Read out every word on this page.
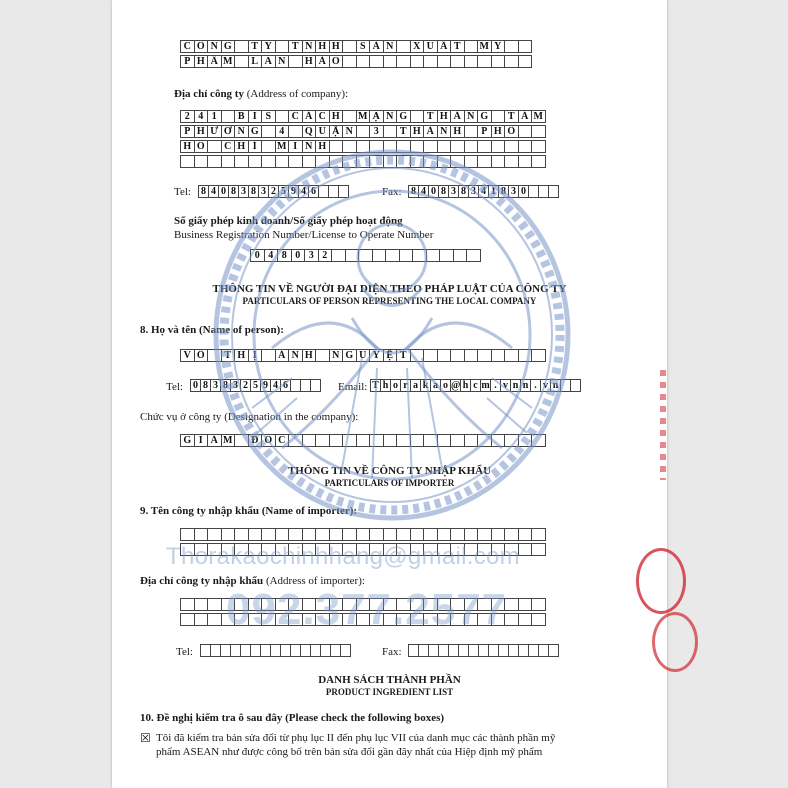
C Ô N G	T Y	T N H H	S Ả N	X U Ấ T	M Ỹ
P H Ẩ M	L A N	H Ả O
Địa chỉ công ty (Address of company):
2 4 1	B I S	C Á C H	M Ạ N G	T H Á N G	T Á M
P H Ư Ờ N G	4	Q U Ậ N	3	T H À N H	P H Ố
H Ồ	C H Í	M I N H
Tel:	8 4 0 8 3 8 3 2 5 9 4 6	Fax: 8 4 0 8 3 8 3 4 1 8 3 0
Số giấy phép kinh doanh/Số giấy phép hoạt động
Business Registration Number/License to Operate Number
0 4 8 0 3 2
THÔNG TIN VỀ NGƯỜI ĐẠI DIỆN THEO PHÁP LUẬT CỦA CÔNG TY
PARTICULARS OF PERSON REPRESENTING THE LOCAL COMPANY
8. Họ và tên (Name of person):
V Õ	T H Ị	Á N H	N G U Y Ệ T
Tel:	0 8 3 8 3 2 5 9 4 6	Email: T h o r a k a o @ h c m . v n n . v n
Chức vụ ở công ty (Designation in the company):
G I Á M	Đ Ố C
THÔNG TIN VỀ CÔNG TY NHẬP KHẨU
PARTICULARS OF IMPORTER
9. Tên công ty nhập khẩu (Name of importer):
Địa chỉ công ty nhập khẩu (Address of importer):
Tel:	Fax:
DANH SÁCH THÀNH PHẦN
PRODUCT INGREDIENT LIST
10. Đề nghị kiểm tra ô sau đây (Please check the following boxes)
☒ Tôi đã kiểm tra bản sửa đổi từ phụ lục II đến phụ lục VII của danh mục các thành phần mỹ
phẩm ASEAN như được công bố trên bản sửa đổi gần đây nhất của Hiệp định mỹ phẩm
Thorakaochinhhang@gmail.com
092.377.2577
